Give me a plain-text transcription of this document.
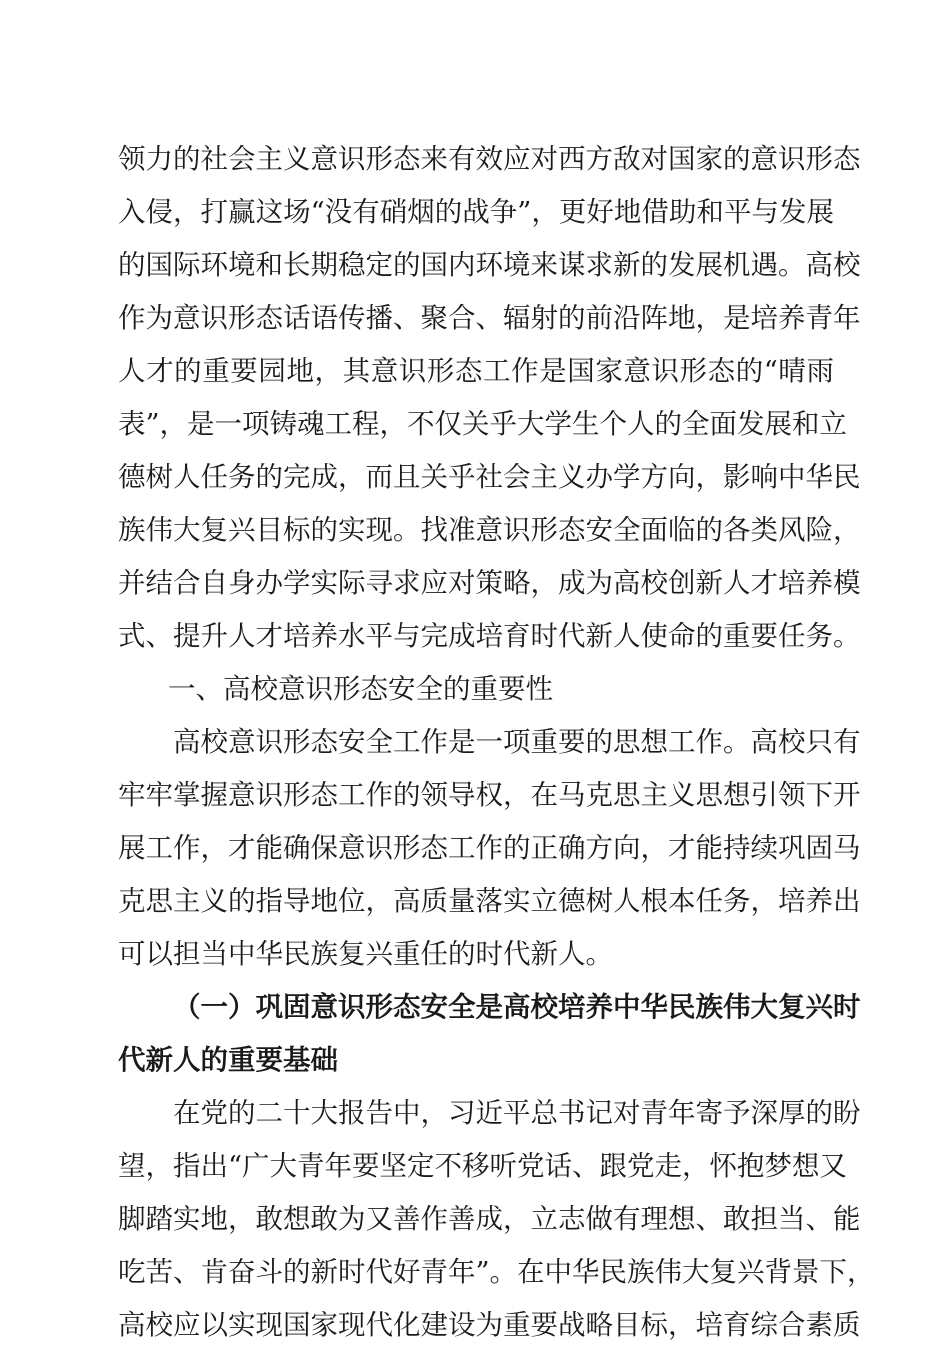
领力的社会主义意识形态来有效应对西方敌对国家的意识形态
入侵，打赢这场“没有硝烟的战争”，更好地借助和平与发展
的国际环境和长期稳定的国内环境来谋求新的发展机遇。高校
作为意识形态话语传播、聚合、辐射的前沿阵地，是培养青年
人才的重要园地，其意识形态工作是国家意识形态的“晴雨
表”，是一项铸魂工程，不仅关乎大学生个人的全面发展和立
德树人任务的完成，而且关乎社会主义办学方向，影响中华民
族伟大复兴目标的实现。找准意识形态安全面临的各类风险，
并结合自身办学实际寻求应对策略，成为高校创新人才培养模
式、提升人才培养水平与完成培育时代新人使命的重要任务。
一、高校意识形态安全的重要性
高校意识形态安全工作是一项重要的思想工作。高校只有
牢牢掌握意识形态工作的领导权，在马克思主义思想引领下开
展工作，才能确保意识形态工作的正确方向，才能持续巩固马
克思主义的指导地位，高质量落实立德树人根本任务，培养出
可以担当中华民族复兴重任的时代新人。
（一）巩固意识形态安全是高校培养中华民族伟大复兴时
代新人的重要基础
在党的二十大报告中，习近平总书记对青年寄予深厚的盼
望，指出“广大青年要坚定不移听党话、跟党走，怀抱梦想又
脚踏实地，敢想敢为又善作善成，立志做有理想、敢担当、能
吃苦、肯奋斗的新时代好青年”。在中华民族伟大复兴背景下，
高校应以实现国家现代化建设为重要战略目标，培育综合素质
